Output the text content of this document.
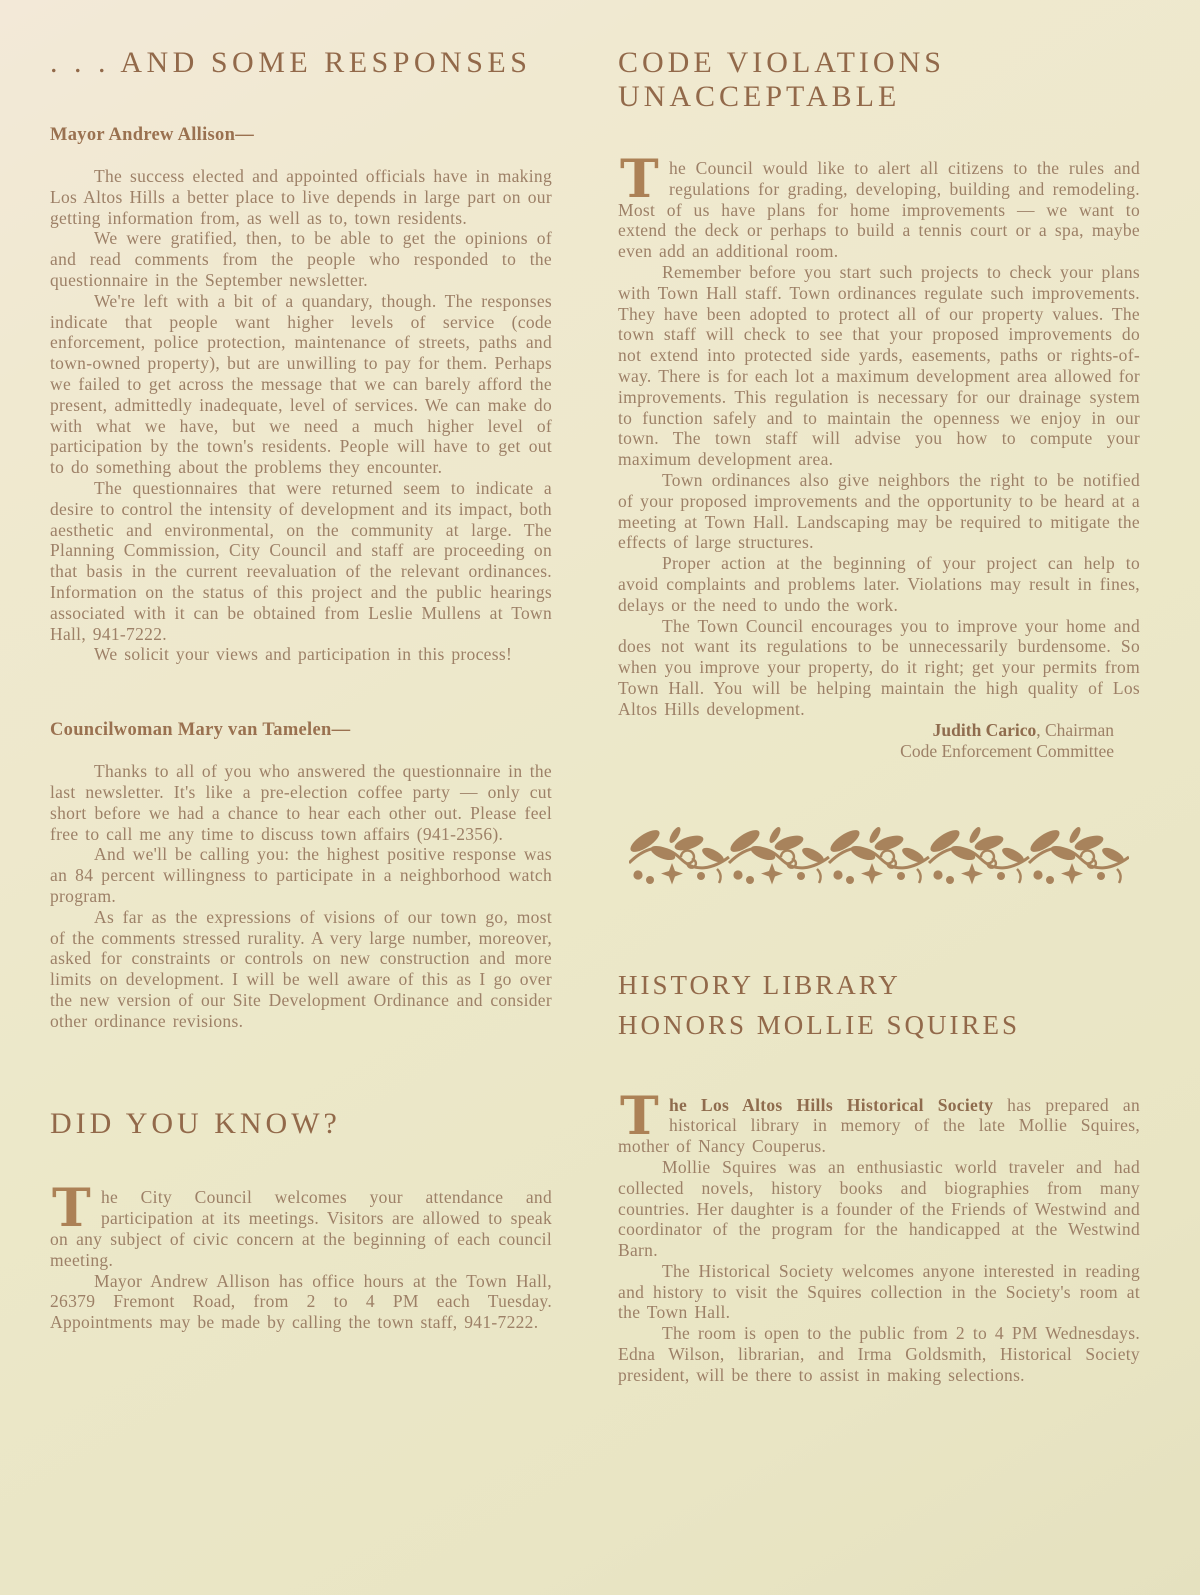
. . . AND SOME RESPONSES
Mayor Andrew Allison—

The success elected and appointed officials have in making Los Altos Hills a better place to live depends in large part on our getting information from, as well as to, town residents.

We were gratified, then, to be able to get the opinions of and read comments from the people who responded to the questionnaire in the September newsletter.

We're left with a bit of a quandary, though. The responses indicate that people want higher levels of service (code enforcement, police protection, maintenance of streets, paths and town-owned property), but are unwilling to pay for them. Perhaps we failed to get across the message that we can barely afford the present, admittedly inadequate, level of services. We can make do with what we have, but we need a much higher level of participation by the town's residents. People will have to get out to do something about the problems they encounter.

The questionnaires that were returned seem to indicate a desire to control the intensity of development and its impact, both aesthetic and environmental, on the community at large. The Planning Commission, City Council and staff are proceeding on that basis in the current reevaluation of the relevant ordinances. Information on the status of this project and the public hearings associated with it can be obtained from Leslie Mullens at Town Hall, 941-7222.

We solicit your views and participation in this process!

Councilwoman Mary van Tamelen—

Thanks to all of you who answered the questionnaire in the last newsletter. It's like a pre-election coffee party — only cut short before we had a chance to hear each other out. Please feel free to call me any time to discuss town affairs (941-2356).

And we'll be calling you: the highest positive response was an 84 percent willingness to participate in a neighborhood watch program.

As far as the expressions of visions of our town go, most of the comments stressed rurality. A very large number, moreover, asked for constraints or controls on new construction and more limits on development. I will be well aware of this as I go over the new version of our Site Development Ordinance and consider other ordinance revisions.

DID YOU KNOW?

The City Council welcomes your attendance and participation at its meetings. Visitors are allowed to speak on any subject of civic concern at the beginning of each council meeting.

Mayor Andrew Allison has office hours at the Town Hall, 26379 Fremont Road, from 2 to 4 PM each Tuesday. Appointments may be made by calling the town staff, 941-7222.

CODE VIOLATIONS UNACCEPTABLE

The Council would like to alert all citizens to the rules and regulations for grading, developing, building and remodeling. Most of us have plans for home improvements — we want to extend the deck or perhaps to build a tennis court or a spa, maybe even add an additional room.

Remember before you start such projects to check your plans with Town Hall staff. Town ordinances regulate such improvements. They have been adopted to protect all of our property values. The town staff will check to see that your proposed improvements do not extend into protected side yards, easements, paths or rights-of-way. There is for each lot a maximum development area allowed for improvements. This regulation is necessary for our drainage system to function safely and to maintain the openness we enjoy in our town. The town staff will advise you how to compute your maximum development area.

Town ordinances also give neighbors the right to be notified of your proposed improvements and the opportunity to be heard at a meeting at Town Hall. Landscaping may be required to mitigate the effects of large structures.

Proper action at the beginning of your project can help to avoid complaints and problems later. Violations may result in fines, delays or the need to undo the work.

The Town Council encourages you to improve your home and does not want its regulations to be unnecessarily burdensome. So when you improve your property, do it right; get your permits from Town Hall. You will be helping maintain the high quality of Los Altos Hills development.

Judith Carico, Chairman
Code Enforcement Committee
HISTORY LIBRARY
HONORS MOLLIE SQUIRES

The Los Altos Hills Historical Society has prepared an historical library in memory of the late Mollie Squires, mother of Nancy Couperus.

Mollie Squires was an enthusiastic world traveler and had collected novels, history books and biographies from many countries. Her daughter is a founder of the Friends of Westwind and coordinator of the program for the handicapped at the Westwind Barn.

The Historical Society welcomes anyone interested in reading and history to visit the Squires collection in the Society's room at the Town Hall.

The room is open to the public from 2 to 4 PM Wednesdays. Edna Wilson, librarian, and Irma Goldsmith, Historical Society president, will be there to assist in making selections.
